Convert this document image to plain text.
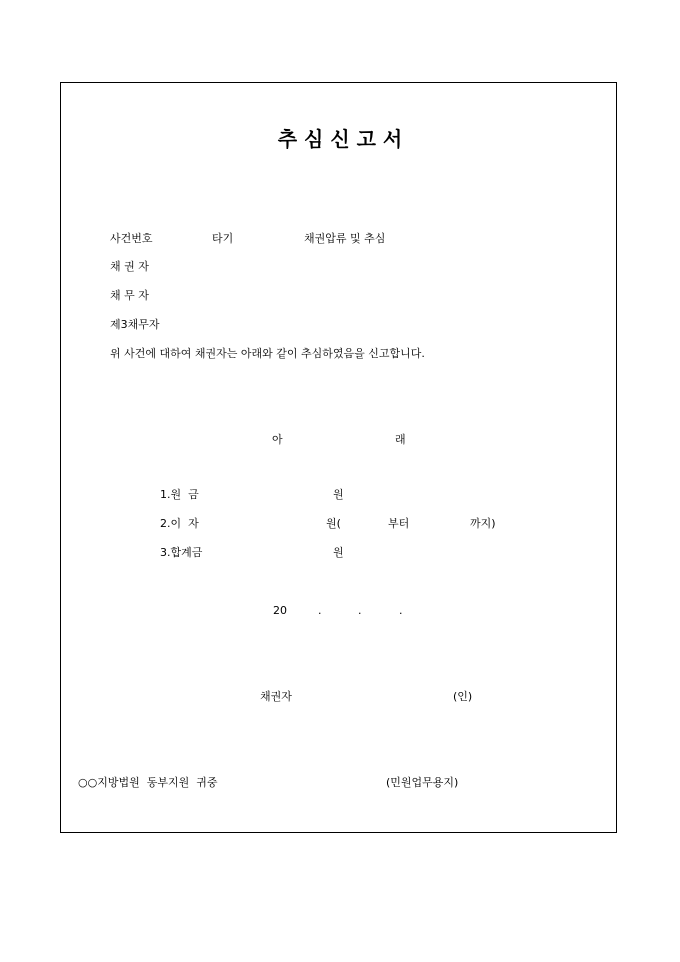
추 심 신 고 서
사건번호	타기	채권압류 및 추심
채 권 자
채 무 자
제3채무자
위 사건에 대하여 채권자는 아래와 같이 추심하였음을 신고합니다.
아	래
1.원  금	원
2.이  자	원(	부터	까지)
3.합계금	원
20	.	.	.
채권자	(인)
○○지방법원  동부지원  귀중	(민원업무용지)
